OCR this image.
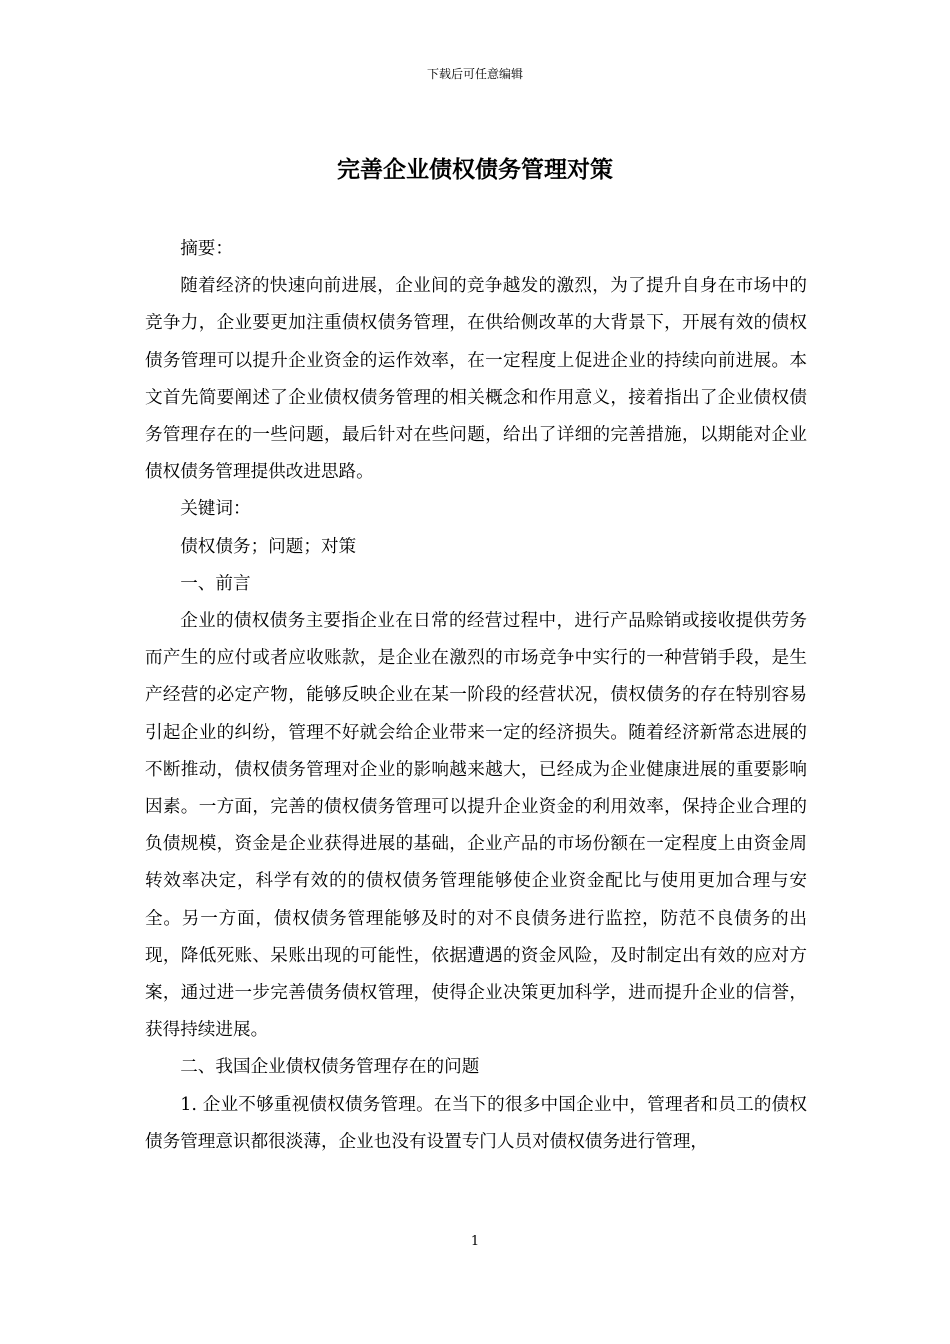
下载后可任意编辑
完善企业债权债务管理对策

摘要：

随着经济的快速向前进展，企业间的竞争越发的激烈，为了提升自身在市场中的竞争力，企业要更加注重债权债务管理，在供给侧改革的大背景下，开展有效的债权债务管理可以提升企业资金的运作效率，在一定程度上促进企业的持续向前进展。本文首先简要阐述了企业债权债务管理的相关概念和作用意义，接着指出了企业债权债务管理存在的一些问题，最后针对在些问题，给出了详细的完善措施，以期能对企业债权债务管理提供改进思路。

关键词：

债权债务；问题；对策

一、前言

企业的债权债务主要指企业在日常的经营过程中，进行产品赊销或接收提供劳务而产生的应付或者应收账款，是企业在激烈的市场竞争中实行的一种营销手段，是生产经营的必定产物，能够反映企业在某一阶段的经营状况，债权债务的存在特别容易引起企业的纠纷，管理不好就会给企业带来一定的经济损失。随着经济新常态进展的不断推动，债权债务管理对企业的影响越来越大，已经成为企业健康进展的重要影响因素。一方面，完善的债权债务管理可以提升企业资金的利用效率，保持企业合理的负债规模，资金是企业获得进展的基础，企业产品的市场份额在一定程度上由资金周转效率决定，科学有效的的债权债务管理能够使企业资金配比与使用更加合理与安全。另一方面，债权债务管理能够及时的对不良债务进行监控，防范不良债务的出现，降低死账、呆账出现的可能性，依据遭遇的资金风险，及时制定出有效的应对方案，通过进一步完善债务债权管理，使得企业决策更加科学，进而提升企业的信誉，获得持续进展。

二、我国企业债权债务管理存在的问题

1. 企业不够重视债权债务管理。在当下的很多中国企业中，管理者和员工的债权债务管理意识都很淡薄，企业也没有设置专门人员对债权债务进行管理，

1
